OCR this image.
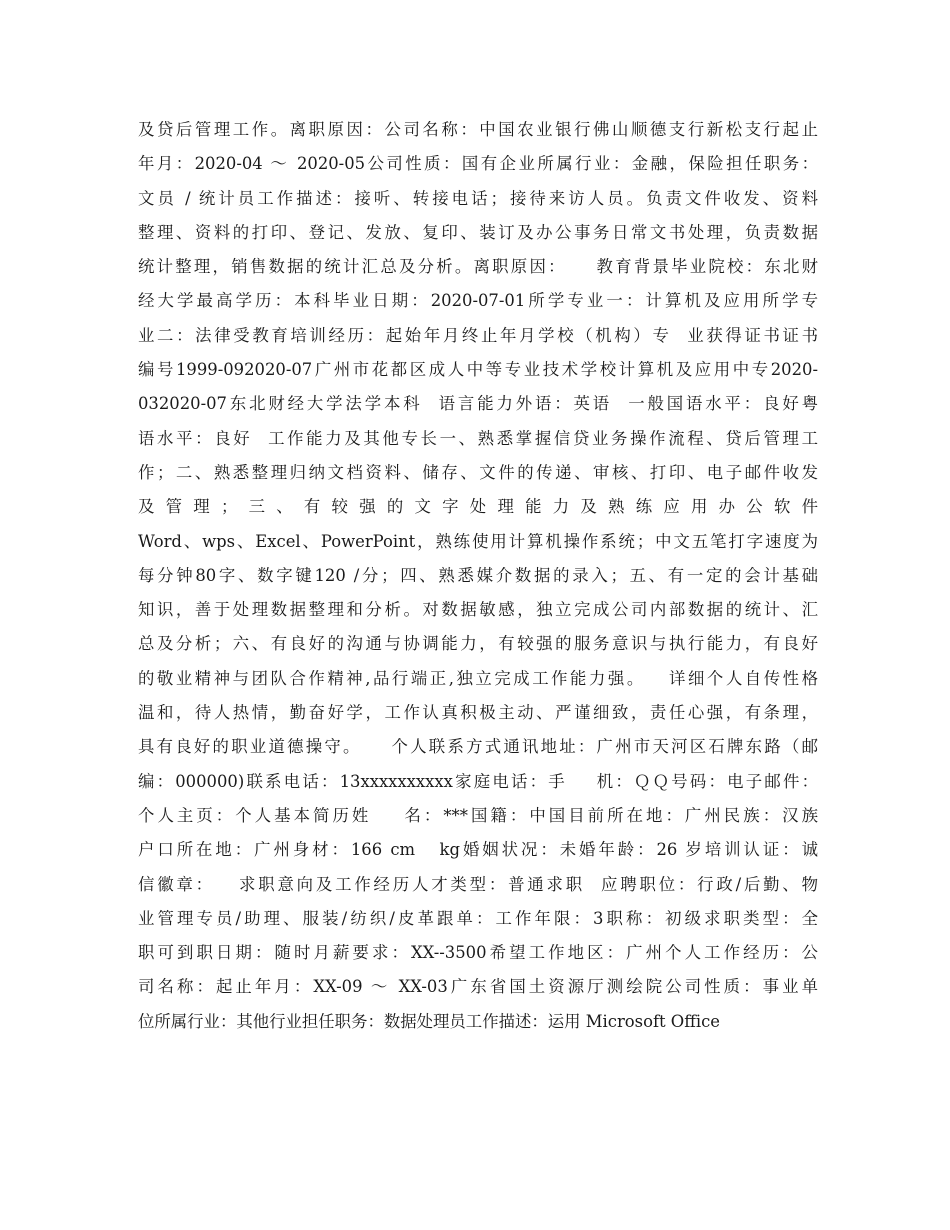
及贷后管理工作。离职原因：公司名称：中国农业银行佛山顺德支行新松支行起止
年月：2020-04 ～ 2020-05公司性质：国有企业所属行业：金融，保险担任职务：
文员 / 统计员工作描述：接听、转接电话；接待来访人员。负责文件收发、资料
整理、资料的打印、登记、发放、复印、装订及办公事务日常文书处理，负责数据
统计整理，销售数据的统计汇总及分析。离职原因：    教育背景毕业院校：东北财
经大学最高学历：本科毕业日期：2020-07-01所学专业一：计算机及应用所学专
业二：法律受教育培训经历：起始年月终止年月学校（机构）专  业获得证书证书
编号1999-092020-07广州市花都区成人中等专业技术学校计算机及应用中专2020-
032020-07东北财经大学法学本科  语言能力外语：英语  一般国语水平：良好粤
语水平：良好  工作能力及其他专长一、熟悉掌握信贷业务操作流程、贷后管理工
作；二、熟悉整理归纳文档资料、储存、文件的传递、审核、打印、电子邮件收发
及管理；三、有较强的文字处理能力及熟练应用办公软件
Word、wps、Excel、PowerPoint，熟练使用计算机操作系统；中文五笔打字速度为
每分钟80字、数字键120 /分；四、熟悉媒介数据的录入；五、有一定的会计基础
知识，善于处理数据整理和分析。对数据敏感，独立完成公司内部数据的统计、汇
总及分析；六、有良好的沟通与协调能力，有较强的服务意识与执行能力，有良好
的敬业精神与团队合作精神,品行端正,独立完成工作能力强。   详细个人自传性格
温和，待人热情，勤奋好学，工作认真积极主动、严谨细致，责任心强，有条理，
具有良好的职业道德操守。    个人联系方式通讯地址：广州市天河区石牌东路（邮
编：000000)联系电话：13xxxxxxxxxx家庭电话：手    机：ＱＱ号码：电子邮件：
个人主页：个人基本简历姓    名：***国籍：中国目前所在地：广州民族：汉族
户口所在地：广州身材：166 cm   kg婚姻状况：未婚年龄：26 岁培训认证：诚
信徽章：   求职意向及工作经历人才类型：普通求职  应聘职位：行政/后勤、物
业管理专员/助理、服装/纺织/皮革跟单：工作年限：3职称：初级求职类型：全
职可到职日期：随时月薪要求：XX--3500希望工作地区：广州个人工作经历：公
司名称：起止年月：XX-09 ～ XX-03广东省国土资源厅测绘院公司性质：事业单
位所属行业：其他行业担任职务：数据处理员工作描述：运用 Microsoft Office
